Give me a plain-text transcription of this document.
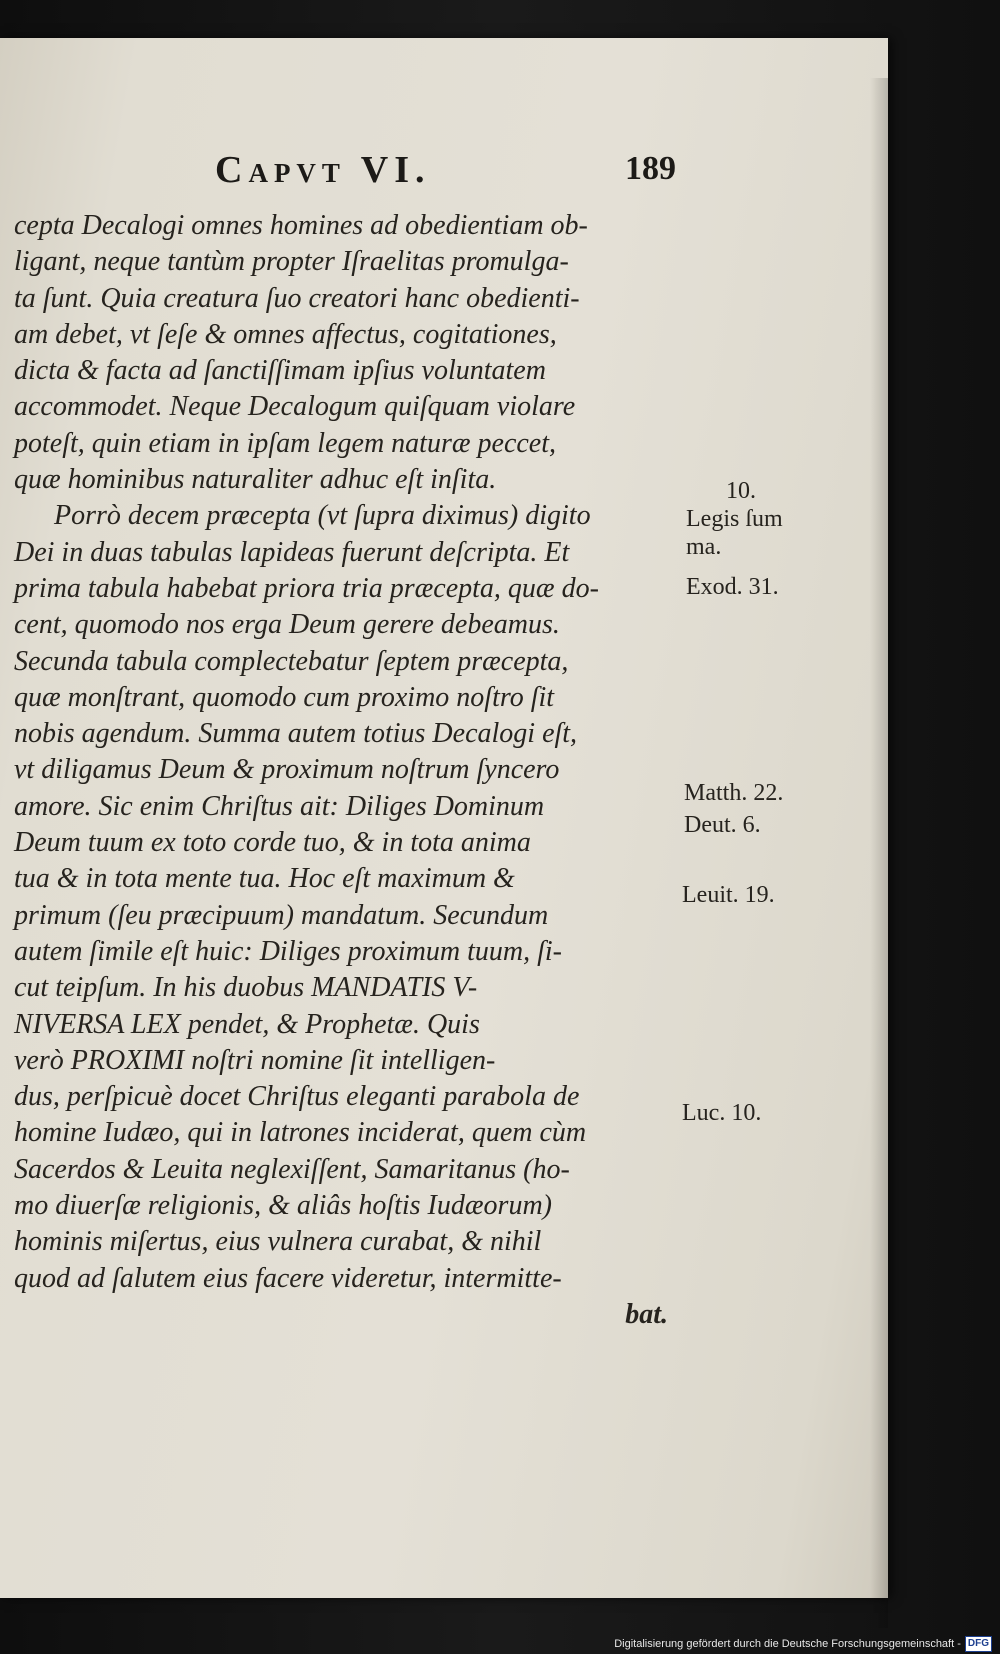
Capvt VI.	189
cepta Decalogi omnes homines ad obedientiam ob-
ligant, neque tantùm propter Iſraelitas promulga-
ta ſunt. Quia creatura ſuo creatori hanc obedienti-
am debet, vt ſeſe & omnes affectus, cogitationes,
dicta & facta ad ſanctiſſimam ipſius voluntatem
accommodet. Neque Decalogum quiſquam violare
poteſt, quin etiam in ipſam legem naturæ peccet,
quæ hominibus naturaliter adhuc eſt inſita.
Porrò decem præcepta (vt ſupra diximus) digito
Dei in duas tabulas lapideas fuerunt deſcripta. Et
prima tabula habebat priora tria præcepta, quæ do-
cent, quomodo nos erga Deum gerere debeamus.
Secunda tabula complectebatur ſeptem præcepta,
quæ monſtrant, quomodo cum proximo noſtro ſit
nobis agendum. Summa autem totius Decalogi eſt,
vt diligamus Deum & proximum noſtrum ſyncero
amore. Sic enim Chriſtus ait: Diliges Dominum
Deum tuum ex toto corde tuo, & in tota anima
tua & in tota mente tua. Hoc eſt maximum &
primum (ſeu præcipuum) mandatum. Secundum
autem ſimile eſt huic: Diliges proximum tuum, ſi-
cut teipſum. In his duobus MANDATIS V-
NIVERSA LEX pendet, & Prophetæ. Quis
verò PROXIMI noſtri nomine ſit intelligen-
dus, perſpicuè docet Chriſtus eleganti parabola de
homine Iudæo, qui in latrones inciderat, quem cùm
Sacerdos & Leuita neglexiſſent, Samaritanus (ho-
mo diuerſæ religionis, & aliâs hoſtis Iudæorum)
hominis miſertus, eius vulnera curabat, & nihil
quod ad ſalutem eius facere videretur, intermitte-
bat.
10.
Legis ſum
ma.
Exod. 31.
Matth. 22.
Deut. 6.
Leuit. 19.
Luc. 10.
Digitalisierung gefördert durch die Deutsche Forschungsgemeinschaft - DFG
